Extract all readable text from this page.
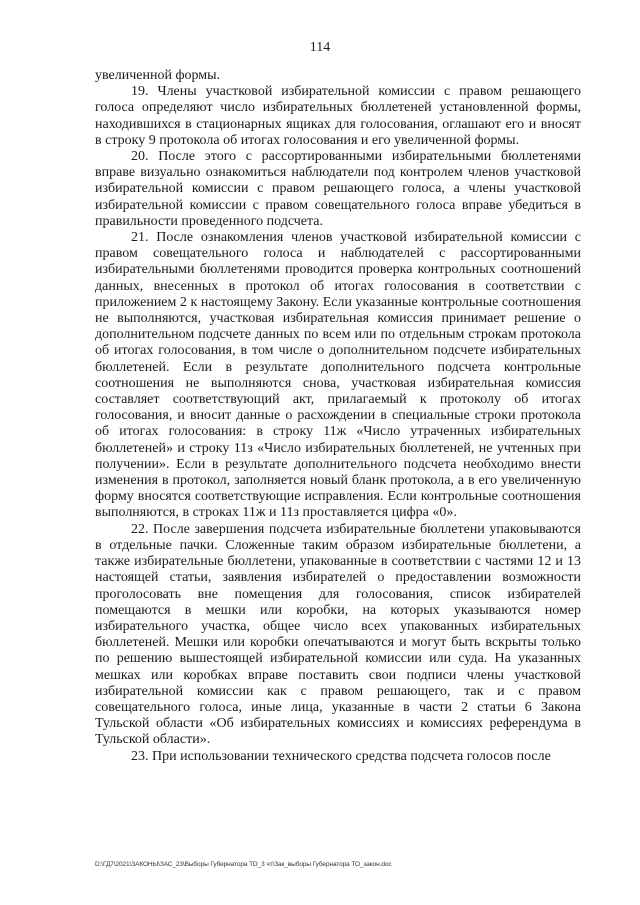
114

увеличенной формы.

19. Члены участковой избирательной комиссии с правом решающего голоса определяют число избирательных бюллетеней установленной формы, находившихся в стационарных ящиках для голосования, оглашают его и вносят в строку 9 протокола об итогах голосования и его увеличенной формы.

20. После этого с рассортированными избирательными бюллетенями вправе визуально ознакомиться наблюдатели под контролем членов участковой избирательной комиссии с правом решающего голоса, а члены участковой избирательной комиссии с правом совещательного голоса вправе убедиться в правильности проведенного подсчета.

21. После ознакомления членов участковой избирательной комиссии с правом совещательного голоса и наблюдателей с рассортированными избирательными бюллетенями проводится проверка контрольных соотношений данных, внесенных в протокол об итогах голосования в соответствии с приложением 2 к настоящему Закону. Если указанные контрольные соотношения не выполняются, участковая избирательная комиссия принимает решение о дополнительном подсчете данных по всем или по отдельным строкам протокола об итогах голосования, в том числе о дополнительном подсчете избирательных бюллетеней. Если в результате дополнительного подсчета контрольные соотношения не выполняются снова, участковая избирательная комиссия составляет соответствующий акт, прилагаемый к протоколу об итогах голосования, и вносит данные о расхождении в специальные строки протокола об итогах голосования: в строку 11ж «Число утраченных избирательных бюллетеней» и строку 11з «Число избирательных бюллетеней, не учтенных при получении». Если в результате дополнительного подсчета необходимо внести изменения в протокол, заполняется новый бланк протокола, а в его увеличенную форму вносятся соответствующие исправления. Если контрольные соотношения выполняются, в строках 11ж и 11з проставляется цифра «0».

22. После завершения подсчета избирательные бюллетени упаковываются в отдельные пачки. Сложенные таким образом избирательные бюллетени, а также избирательные бюллетени, упакованные в соответствии с частями 12 и 13 настоящей статьи, заявления избирателей о предоставлении возможности проголосовать вне помещения для голосования, список избирателей помещаются в мешки или коробки, на которых указываются номер избирательного участка, общее число всех упакованных избирательных бюллетеней. Мешки или коробки опечатываются и могут быть вскрыты только по решению вышестоящей избирательной комиссии или суда. На указанных мешках или коробках вправе поставить свои подписи члены участковой избирательной комиссии как с правом решающего, так и с правом совещательного голоса, иные лица, указанные в части 2 статьи 6 Закона Тульской области «Об избирательных комиссиях и комиссиях референдума в Тульской области».

23. При использовании технического средства подсчета голосов после

D:\ГД7\2021\ЗАКОНЫ\ЗАС_23\Выборы Губернатора ТО_3 чт\Зак_выборы Губернатора ТО_закон.doc
